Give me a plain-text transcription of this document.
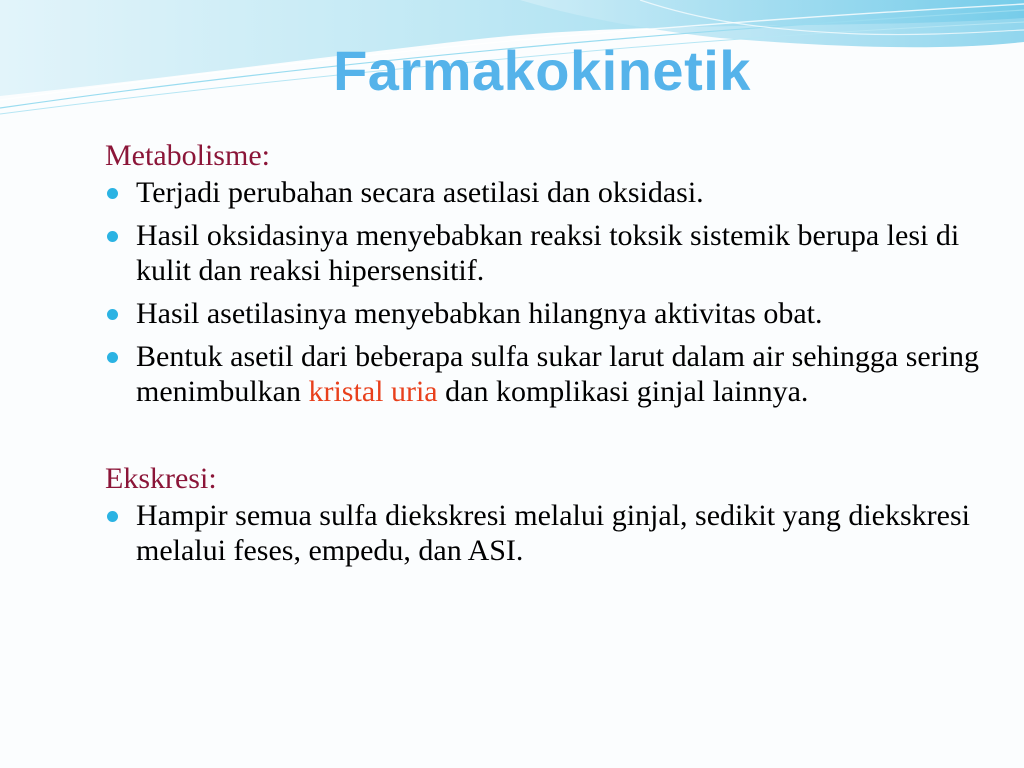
Farmakokinetik
Metabolisme:
Terjadi perubahan secara asetilasi dan oksidasi.
Hasil oksidasinya menyebabkan reaksi toksik sistemik berupa lesi di kulit dan reaksi hipersensitif.
Hasil asetilasinya menyebabkan hilangnya aktivitas obat.
Bentuk asetil dari beberapa sulfa sukar larut dalam air sehingga sering menimbulkan kristal uria dan komplikasi ginjal lainnya.
Ekskresi:
Hampir semua sulfa diekskresi melalui ginjal, sedikit yang diekskresi melalui feses, empedu, dan ASI.
